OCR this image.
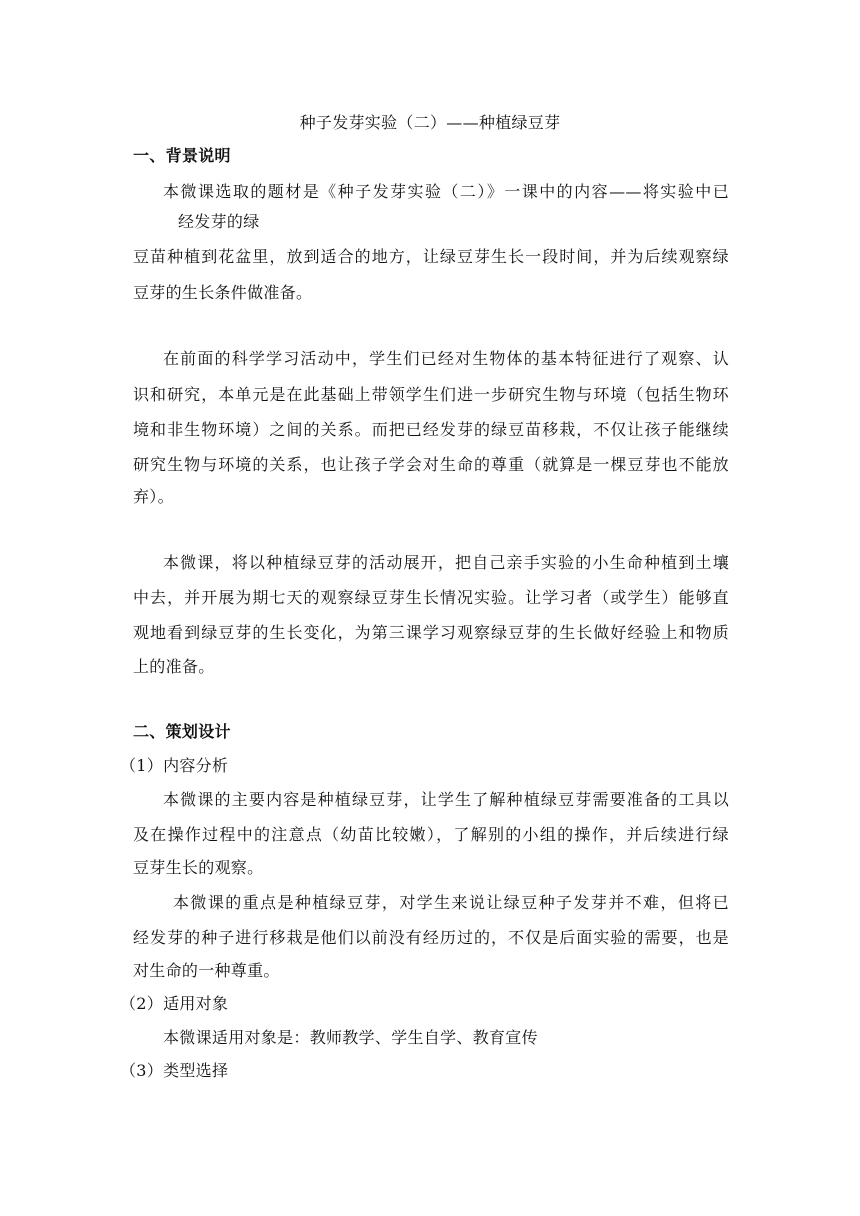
种子发芽实验（二）——种植绿豆芽
一、背景说明
本微课选取的题材是《种子发芽实验（二）》一课中的内容——将实验中已
经发芽的绿
豆苗种植到花盆里，放到适合的地方，让绿豆芽生长一段时间，并为后续观察绿
豆芽的生长条件做准备。
在前面的科学学习活动中，学生们已经对生物体的基本特征进行了观察、认
识和研究，本单元是在此基础上带领学生们进一步研究生物与环境（包括生物环
境和非生物环境）之间的关系。而把已经发芽的绿豆苗移栽，不仅让孩子能继续
研究生物与环境的关系，也让孩子学会对生命的尊重（就算是一棵豆芽也不能放
弃）。
本微课，将以种植绿豆芽的活动展开，把自己亲手实验的小生命种植到土壤
中去，并开展为期七天的观察绿豆芽生长情况实验。让学习者（或学生）能够直
观地看到绿豆芽的生长变化，为第三课学习观察绿豆芽的生长做好经验上和物质
上的准备。
二、策划设计
（1）内容分析
本微课的主要内容是种植绿豆芽，让学生了解种植绿豆芽需要准备的工具以
及在操作过程中的注意点（幼苗比较嫩），了解别的小组的操作，并后续进行绿
豆芽生长的观察。
本微课的重点是种植绿豆芽，对学生来说让绿豆种子发芽并不难，但将已
经发芽的种子进行移栽是他们以前没有经历过的，不仅是后面实验的需要，也是
对生命的一种尊重。
（2）适用对象
本微课适用对象是：教师教学、学生自学、教育宣传
（3）类型选择
